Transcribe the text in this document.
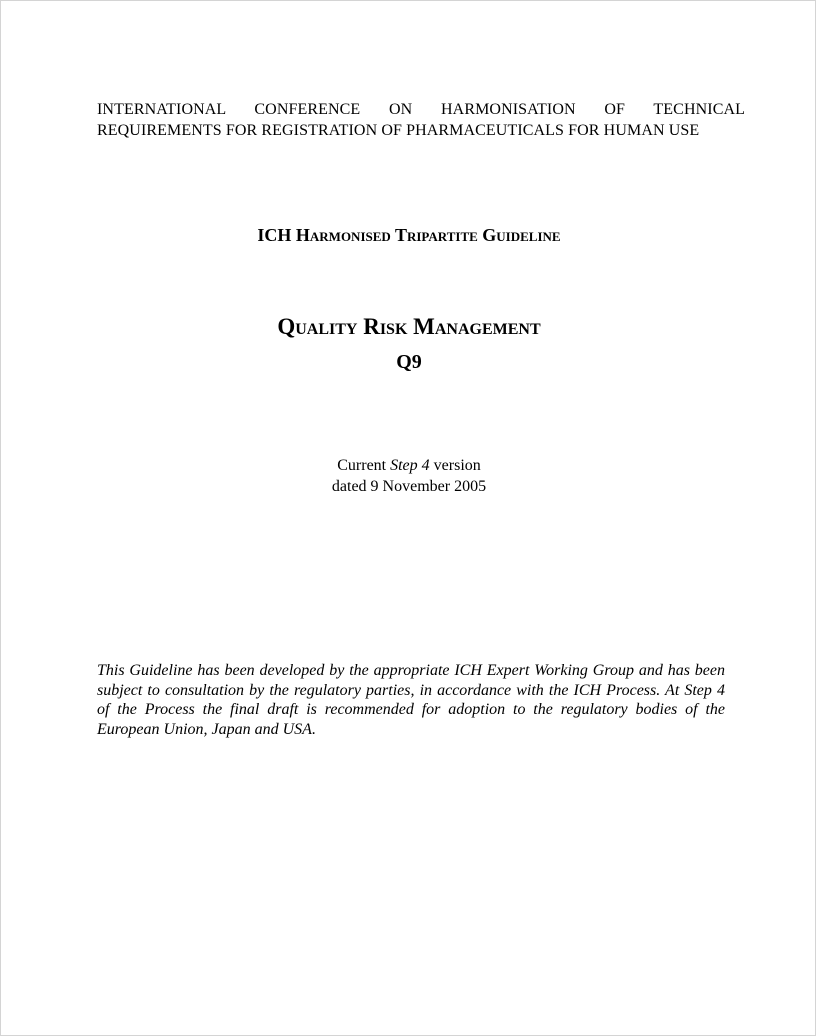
INTERNATIONAL CONFERENCE ON HARMONISATION OF TECHNICAL REQUIREMENTS FOR REGISTRATION OF PHARMACEUTICALS FOR HUMAN USE
ICH Harmonised Tripartite Guideline
Quality Risk Management
Q9
Current Step 4 version
dated 9 November 2005
This Guideline has been developed by the appropriate ICH Expert Working Group and has been subject to consultation by the regulatory parties, in accordance with the ICH Process. At Step 4 of the Process the final draft is recommended for adoption to the regulatory bodies of the European Union, Japan and USA.
